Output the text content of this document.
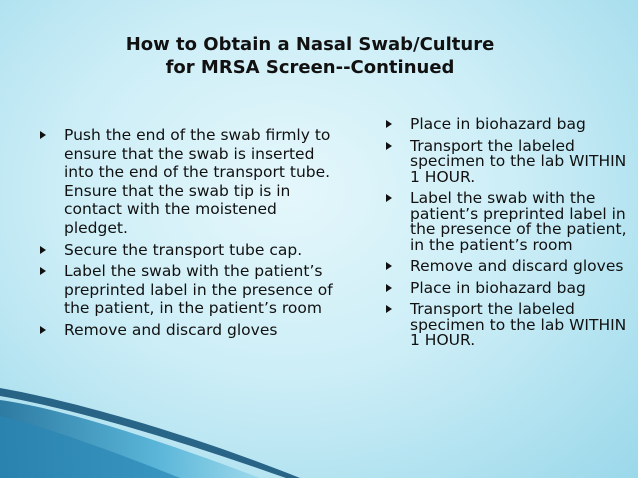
How to Obtain a Nasal Swab/Culture
for MRSA Screen--Continued
Push the end of the swab firmly to ensure that the swab is inserted into the end of the transport tube. Ensure that the swab tip is in contact with the moistened pledget.
Secure the transport tube cap.
Label the swab with the patient’s preprinted label in the presence of the patient, in the patient’s room
Remove and discard gloves
Place in biohazard bag
Transport the labeled specimen to the lab WITHIN 1 HOUR.
Label the swab with the patient’s preprinted label in the presence of the patient, in the patient’s room
Remove and discard gloves
Place in biohazard bag
Transport the labeled specimen to the lab WITHIN 1 HOUR.
